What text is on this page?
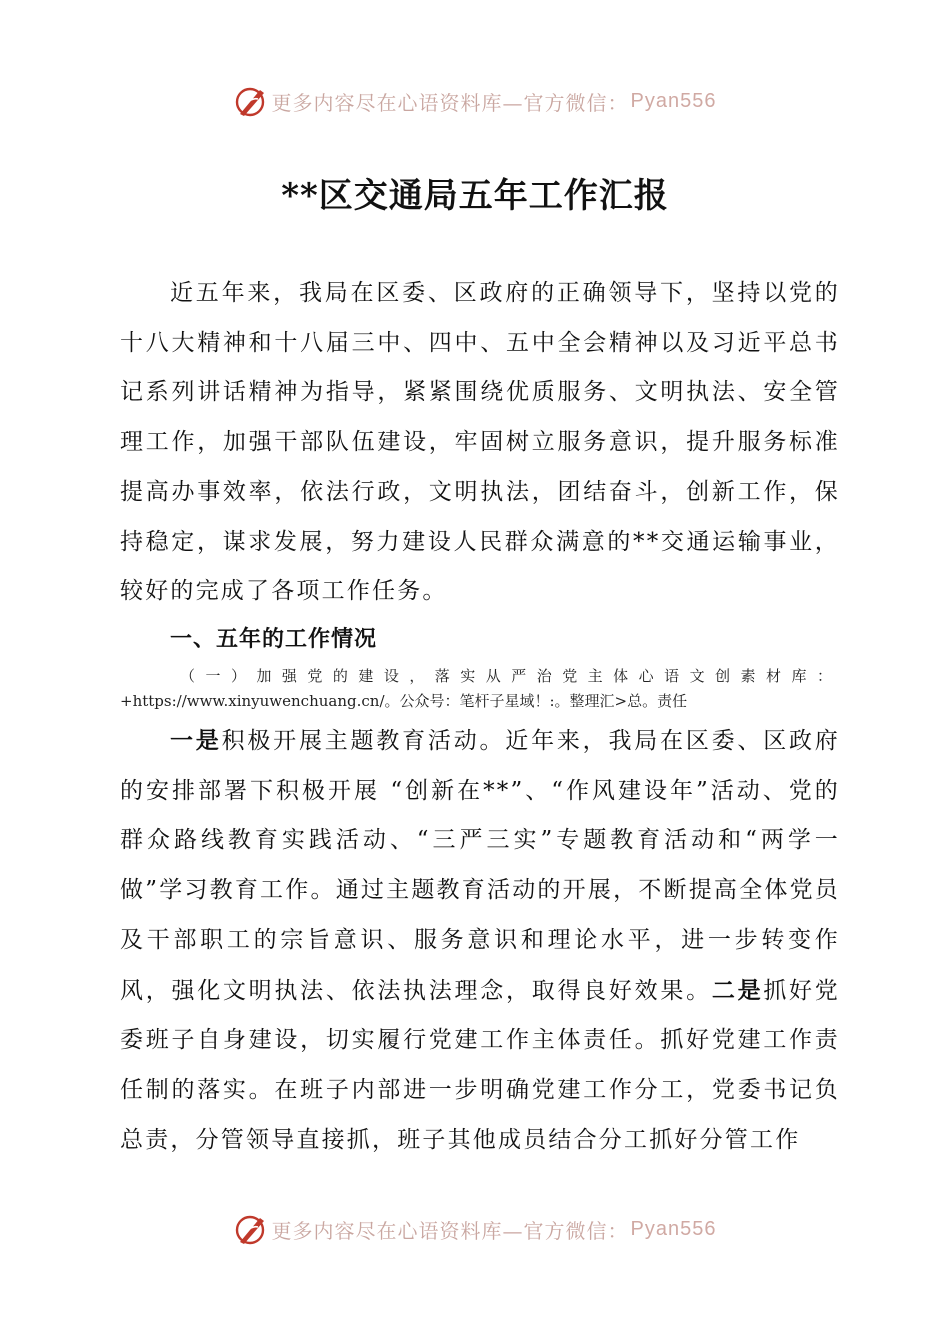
更多内容尽在心语资料库—官方微信： Pyan556
**区交通局五年工作汇报

近五年来，我局在区委、区政府的正确领导下，坚持以党的十八大精神和十八届三中、四中、五中全会精神以及习近平总书记系列讲话精神为指导，紧紧围绕优质服务、文明执法、安全管理工作，加强干部队伍建设，牢固树立服务意识，提升服务标准提高办事效率，依法行政，文明执法，团结奋斗，创新工作，保持稳定，谋求发展，努力建设人民群众满意的**交通运输事业，较好的完成了各项工作任务。

一、五年的工作情况
（一）加强党的建设，落实从严治党主体心语文创素材库：+https://www.xinyuwenchuang.cn/。公众号：笔杆子星域！:。整理汇>总。责任

一是积极开展主题教育活动。近年来，我局在区委、区政府的安排部署下积极开展 “创新在**”、“作风建设年”活动、党的群众路线教育实践活动、“三严三实”专题教育活动和“两学一做”学习教育工作。通过主题教育活动的开展，不断提高全体党员及干部职工的宗旨意识、服务意识和理论水平，进一步转变作风，强化文明执法、依法执法理念，取得良好效果。二是抓好党委班子自身建设，切实履行党建工作主体责任。抓好党建工作责任制的落实。在班子内部进一步明确党建工作分工，党委书记负总责，分管领导直接抓，班子其他成员结合分工抓好分管工作

更多内容尽在心语资料库—官方微信： Pyan556
